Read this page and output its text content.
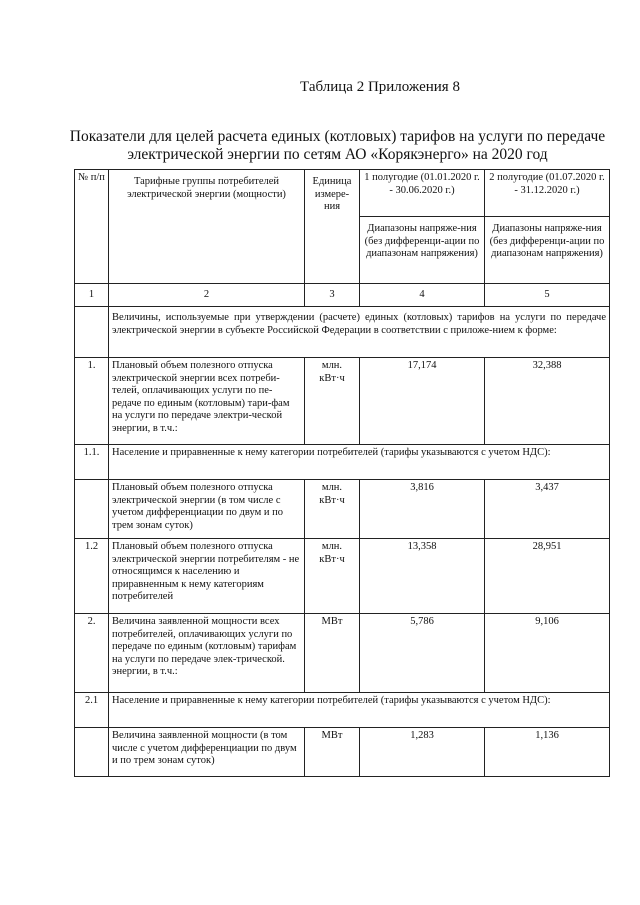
Таблица 2 Приложения 8
Показатели для целей расчета единых (котловых) тарифов на услуги по передаче
электрической энергии по сетям АО «Корякэнерго» на 2020 год
№ п/п	Тарифные группы потребителей электрической энергии (мощности)	Единица измере-ния	1 полугодие (01.01.2020 г. - 30.06.2020 г.)	2 полугодие (01.07.2020 г. - 31.12.2020 г.)
			Диапазоны напряже-ния (без дифференци-ации по диапазонам напряжения)	Диапазоны напряже-ния (без дифференци-ации по диапазонам напряжения)
1	2	3	4	5
	Величины, используемые при утверждении (расчете) единых (котловых) тарифов на услуги по передаче электрической энергии в субъекте Российской Федерации в соответствии с приложе-нием к форме:			
1.	Плановый объем полезного отпуска электрической энергии всех потреби-телей, оплачивающих услуги по пе-редаче по единым (котловым) тари-фам на услуги по передаче электри-ческой энергии, в т.ч.:	млн. кВт·ч	17,174	32,388
1.1.	Население и приравненные к нему категории потребителей (тарифы указываются с учетом НДС):			
	Плановый объем полезного отпуска электрической энергии (в том числе с учетом дифференциации по двум и по трем зонам суток)	млн. кВт·ч	3,816	3,437
1.2	Плановый объем полезного отпуска электрической энергии потребителям - не относящимся к населению и приравненным к нему категориям потребителей	млн. кВт·ч	13,358	28,951
2.	Величина заявленной мощности всех потребителей, оплачивающих услуги по передаче по единым (котловым) тарифам на услуги по передаче элек-трической. энергии, в т.ч.:	МВт	5,786	9,106
2.1	Население и приравненные к нему категории потребителей (тарифы указываются с учетом НДС):			
	Величина заявленной мощности (в том числе с учетом дифференциации по двум и по трем зонам суток)	МВт	1,283	1,136
